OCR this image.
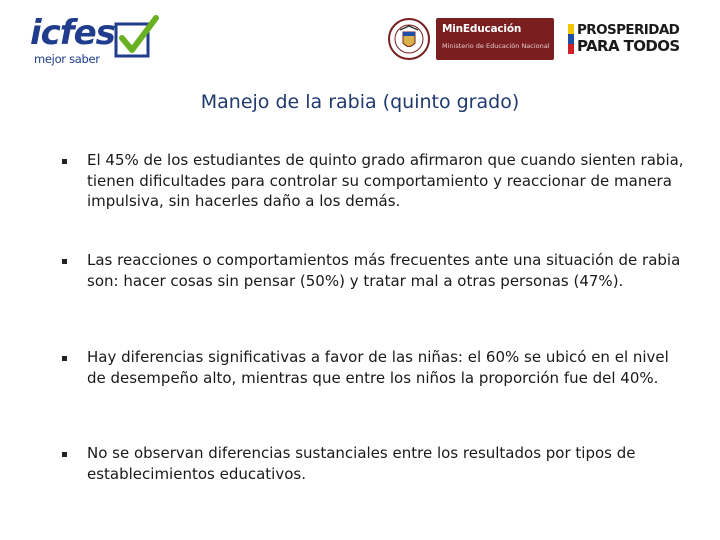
icfes
mejor saber
MinEducación
Ministerio de Educación Nacional
PROSPERIDAD
PARA TODOS
Manejo de la rabia (quinto grado)
El 45% de los estudiantes de quinto grado afirmaron que cuando sienten rabia, tienen dificultades para controlar su comportamiento y reaccionar de manera impulsiva, sin hacerles daño a los demás.
Las reacciones o comportamientos más frecuentes ante una situación de rabia son: hacer cosas sin pensar (50%) y tratar mal a otras personas (47%).
Hay diferencias significativas a favor de las niñas: el 60% se ubicó en el nivel de desempeño alto, mientras que entre los niños la proporción fue del 40%.
No se observan diferencias sustanciales entre los resultados por tipos de establecimientos educativos.
